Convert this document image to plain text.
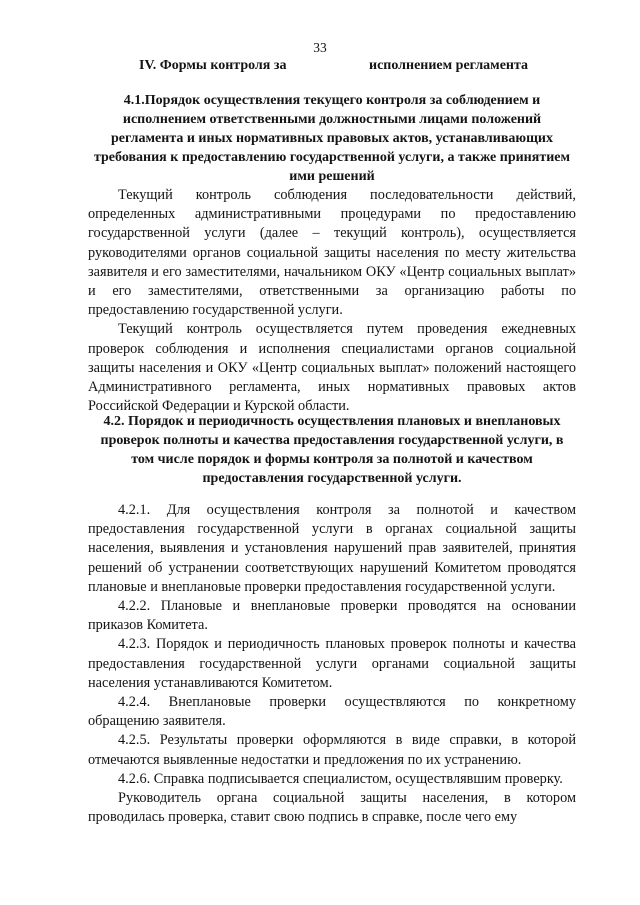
33
IV. Формы контроля за	исполнением регламента

4.1.Порядок осуществления текущего контроля за соблюдением и исполнением ответственными должностными лицами положений регламента и иных нормативных правовых актов, устанавливающих требования к предоставлению государственной услуги, а также принятием ими решений

Текущий контроль соблюдения последовательности действий, определенных административными процедурами по предоставлению государственной услуги (далее – текущий контроль), осуществляется руководителями органов социальной защиты населения по месту жительства заявителя и его заместителями, начальником ОКУ «Центр социальных выплат» и его заместителями, ответственными за организацию работы по предоставлению государственной услуги.

Текущий контроль осуществляется путем проведения ежедневных проверок соблюдения и исполнения специалистами органов социальной защиты населения и ОКУ «Центр социальных выплат» положений настоящего Административного регламента, иных нормативных правовых актов Российской Федерации и Курской области.

4.2. Порядок и периодичность осуществления плановых и внеплановых проверок полноты и качества предоставления государственной услуги, в том числе порядок и формы контроля за полнотой и качеством предоставления государственной услуги.

4.2.1. Для осуществления контроля за полнотой и качеством предоставления государственной услуги в органах социальной защиты населения, выявления и установления нарушений прав заявителей, принятия решений об устранении соответствующих нарушений Комитетом проводятся плановые и внеплановые проверки предоставления государственной услуги.

4.2.2. Плановые и внеплановые проверки проводятся на основании приказов Комитета.

4.2.3. Порядок и периодичность плановых проверок полноты и качества предоставления государственной услуги органами социальной защиты населения устанавливаются Комитетом.

4.2.4. Внеплановые проверки осуществляются по конкретному обращению заявителя.

4.2.5. Результаты проверки оформляются в виде справки, в которой отмечаются выявленные недостатки и предложения по их устранению.

4.2.6. Справка подписывается специалистом, осуществлявшим проверку.

Руководитель органа социальной защиты населения, в котором проводилась проверка, ставит свою подпись в справке, после чего ему
